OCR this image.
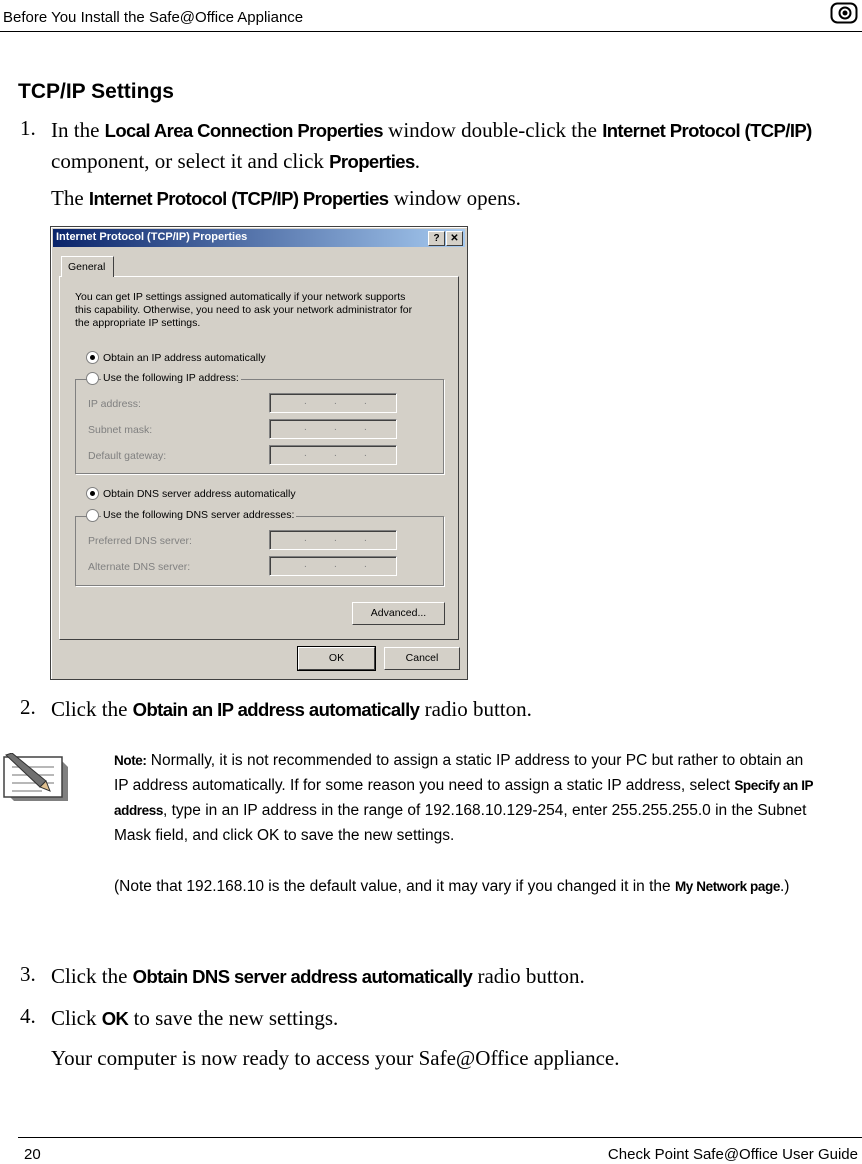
Before You Install the Safe@Office Appliance
TCP/IP Settings
1. In the Local Area Connection Properties window double-click the Internet Protocol (TCP/IP) component, or select it and click Properties.
The Internet Protocol (TCP/IP) Properties window opens.
Internet Protocol (TCP/IP) Properties	?	✕
General
You can get IP settings assigned automatically if your network supports
this capability. Otherwise, you need to ask your network administrator for
the appropriate IP settings.
Obtain an IP address automatically
IP address:	.	.	.
Subnet mask:	.	.	.
Default gateway:	.	.	.
Use the following IP address:
Obtain DNS server address automatically
Preferred DNS server:	.	.	.
Alternate DNS server:	.	.	.
Use the following DNS server addresses:
Advanced...
OK	Cancel
2. Click the Obtain an IP address automatically radio button.
Note: Normally, it is not recommended to assign a static IP address to your PC but rather to obtain an IP address automatically. If for some reason you need to assign a static IP address, select Specify an IP address, type in an IP address in the range of 192.168.10.129-254, enter 255.255.255.0 in the Subnet Mask field, and click OK to save the new settings.
(Note that 192.168.10 is the default value, and it may vary if you changed it in the My Network page.)
3. Click the Obtain DNS server address automatically radio button.
4. Click OK to save the new settings.
Your computer is now ready to access your Safe@Office appliance.
20	Check Point Safe@Office User Guide
